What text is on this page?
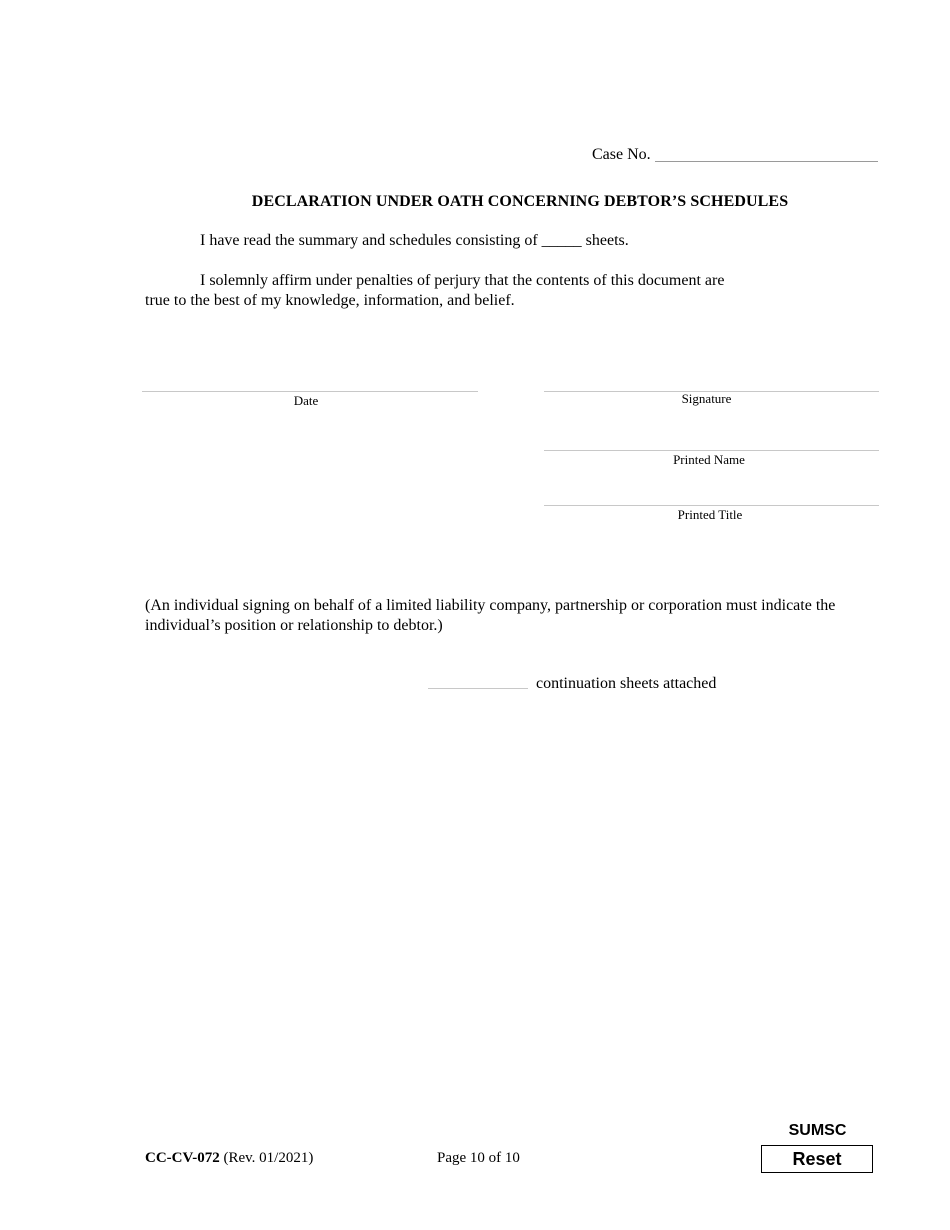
Case No.
DECLARATION UNDER OATH CONCERNING DEBTOR’S SCHEDULES
I have read the summary and schedules consisting of _____ sheets.
I solemnly affirm under penalties of perjury that the contents of this document are
true to the best of my knowledge, information, and belief.
Date	Signature
Printed Name
Printed Title
(An individual signing on behalf of a limited liability company, partnership or corporation must indicate the individual’s position or relationship to debtor.)
continuation sheets attached
CC-CV-072 (Rev. 01/2021)	Page 10 of 10
SUMSC
Reset
